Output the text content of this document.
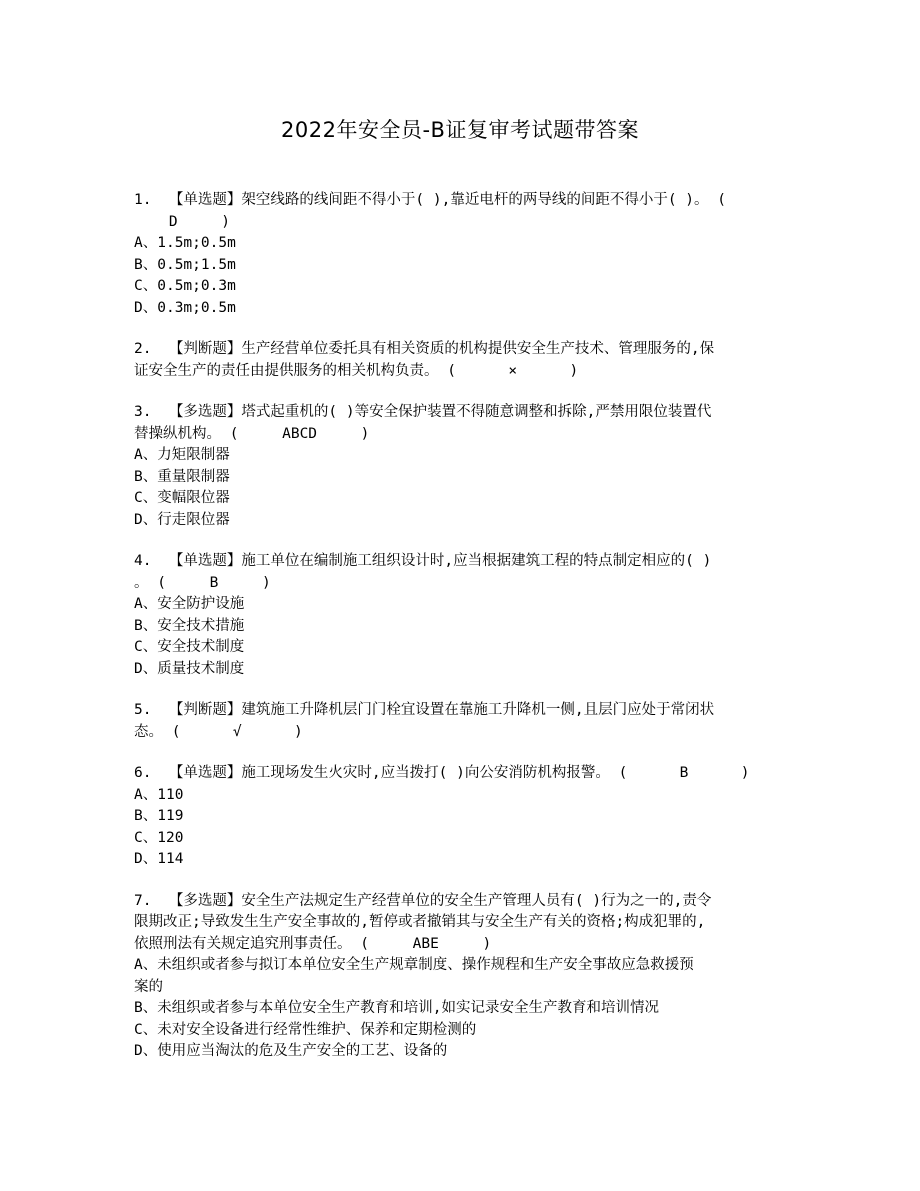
2022年安全员-B证复审考试题带答案
1.  【单选题】架空线路的线间距不得小于( ),靠近电杆的两导线的间距不得小于( )。 (
D     )
A、1.5m;0.5m
B、0.5m;1.5m
C、0.5m;0.3m
D、0.3m;0.5m
2.  【判断题】生产经营单位委托具有相关资质的机构提供安全生产技术、管理服务的,保
证安全生产的责任由提供服务的相关机构负责。 (      ×      )
3.  【多选题】塔式起重机的( )等安全保护装置不得随意调整和拆除,严禁用限位装置代
替操纵机构。 (     ABCD     )
A、力矩限制器
B、重量限制器
C、变幅限位器
D、行走限位器
4.  【单选题】施工单位在编制施工组织设计时,应当根据建筑工程的特点制定相应的( )
。 (     B     )
A、安全防护设施
B、安全技术措施
C、安全技术制度
D、质量技术制度
5.  【判断题】建筑施工升降机层门门栓宜设置在靠施工升降机一侧,且层门应处于常闭状
态。 (      √      )
6.  【单选题】施工现场发生火灾时,应当拨打( )向公安消防机构报警。 (      B      )
A、110
B、119
C、120
D、114
7.  【多选题】安全生产法规定生产经营单位的安全生产管理人员有( )行为之一的,责令
限期改正;导致发生生产安全事故的,暂停或者撤销其与安全生产有关的资格;构成犯罪的,
依照刑法有关规定追究刑事责任。 (     ABE     )
A、未组织或者参与拟订本单位安全生产规章制度、操作规程和生产安全事故应急救援预
案的
B、未组织或者参与本单位安全生产教育和培训,如实记录安全生产教育和培训情况
C、未对安全设备进行经常性维护、保养和定期检测的
D、使用应当淘汰的危及生产安全的工艺、设备的
